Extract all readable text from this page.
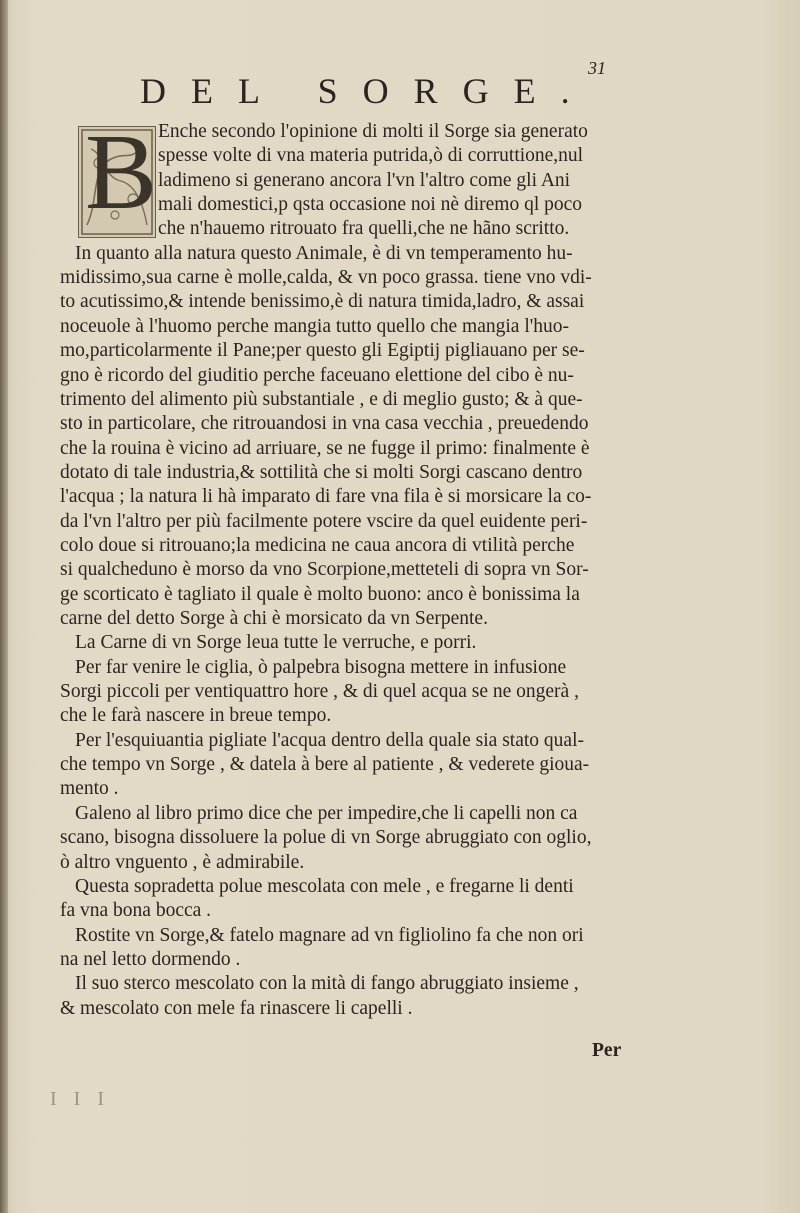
31
DEL SORGE.
B Enche secondo l'opinione di molti il Sorge sia generato
spesse volte di vna materia putrida,ò di corruttione,nul
ladimeno si generano ancora l'vn l'altro come gli Ani
mali domestici,p qsta occasione noi nè diremo ql poco
che n'hauemo ritrouato fra quelli,che ne hãno scritto.
In quanto alla natura questo Animale, è di vn temperamento hu-
midissimo,sua carne è molle,calda, & vn poco grassa. tiene vno vdi-
to acutissimo,& intende benissimo,è di natura timida,ladro, & assai
noceuole à l'huomo perche mangia tutto quello che mangia l'huo-
mo,particolarmente il Pane;per questo gli Egiptij pigliauano per se-
gno è ricordo del giuditio perche faceuano elettione del cibo è nu-
trimento del alimento più substantiale , e di meglio gusto; & à que-
sto in particolare, che ritrouandosi in vna casa vecchia , preuedendo
che la rouina è vicino ad arriuare, se ne fugge il primo: finalmente è
dotato di tale industria,& sottilità che si molti Sorgi cascano dentro
l'acqua ; la natura li hà imparato di fare vna fila è si morsicare la co-
da l'vn l'altro per più facilmente potere vscire da quel euidente peri-
colo doue si ritrouano;la medicina ne caua ancora di vtilità perche
si qualcheduno è morso da vno Scorpione,metteteli di sopra vn Sor-
ge scorticato è tagliato il quale è molto buono: anco è bonissima la
carne del detto Sorge à chi è morsicato da vn Serpente.
La Carne di vn Sorge leua tutte le verruche, e porri.
Per far venire le ciglia, ò palpebra bisogna mettere in infusione
Sorgi piccoli per ventiquattro hore , & di quel acqua se ne ongerà ,
che le farà nascere in breue tempo.
Per l'esquiuantia pigliate l'acqua dentro della quale sia stato qual-
che tempo vn Sorge , & datela à bere al patiente , & vederete gioua-
mento .
Galeno al libro primo dice che per impedire,che li capelli non ca
scano, bisogna dissoluere la polue di vn Sorge abruggiato con oglio,
ò altro vnguento , è admirabile.
Questa sopradetta polue mescolata con mele , e fregarne li denti
fa vna bona bocca .
Rostite vn Sorge,& fatelo magnare ad vn figliolino fa che non ori
na nel letto dormendo .
Il suo sterco mescolato con la mità di fango abruggiato insieme ,
& mescolato con mele fa rinascere li capelli .
Per
I I I
